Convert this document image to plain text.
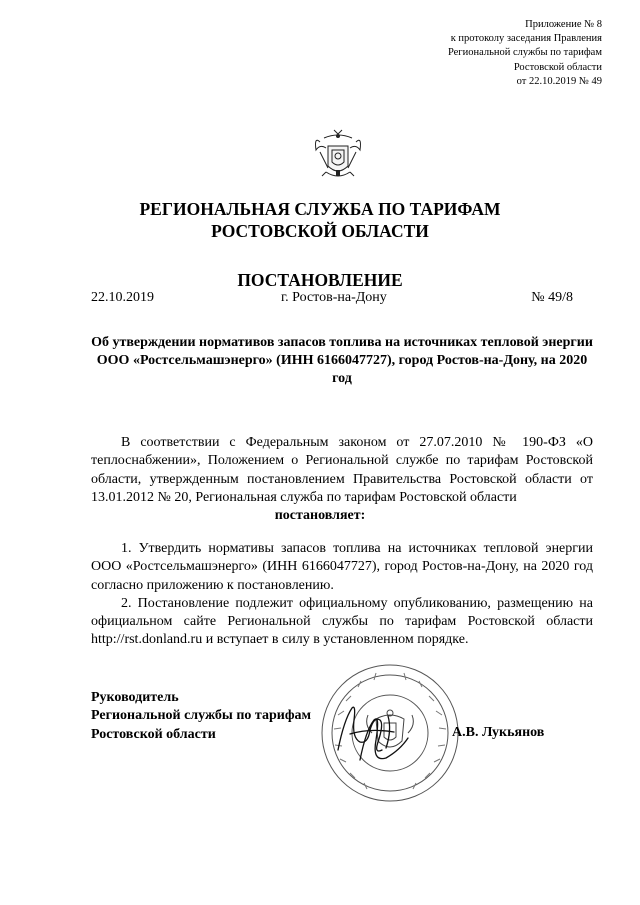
Приложение № 8
к протоколу заседания Правления
Региональной службы по тарифам
Ростовской области
от 22.10.2019 № 49
РЕГИОНАЛЬНАЯ СЛУЖБА ПО ТАРИФАМ
РОСТОВСКОЙ ОБЛАСТИ
ПОСТАНОВЛЕНИЕ
22.10.2019	г. Ростов-на-Дону	№ 49/8
Об утверждении нормативов запасов топлива на источниках тепловой энергии ООО «Ростсельмашэнерго» (ИНН 6166047727), город Ростов-на-Дону, на 2020 год
В соответствии с Федеральным законом от 27.07.2010 № 190-ФЗ «О теплоснабжении», Положением о Региональной службе по тарифам Ростовской области, утвержденным постановлением Правительства Ростовской области от 13.01.2012 № 20, Региональная служба по тарифам Ростовской области
постановляет:

1. Утвердить нормативы запасов топлива на источниках тепловой энергии ООО «Ростсельмашэнерго» (ИНН 6166047727), город Ростов-на-Дону, на 2020 год согласно приложению к постановлению.

2. Постановление подлежит официальному опубликованию, размещению на официальном сайте Региональной службы по тарифам Ростовской области http://rst.donland.ru и вступает в силу в установленном порядке.

Руководитель
Региональной службы по тарифам
Ростовской области	А.В. Лукьянов
